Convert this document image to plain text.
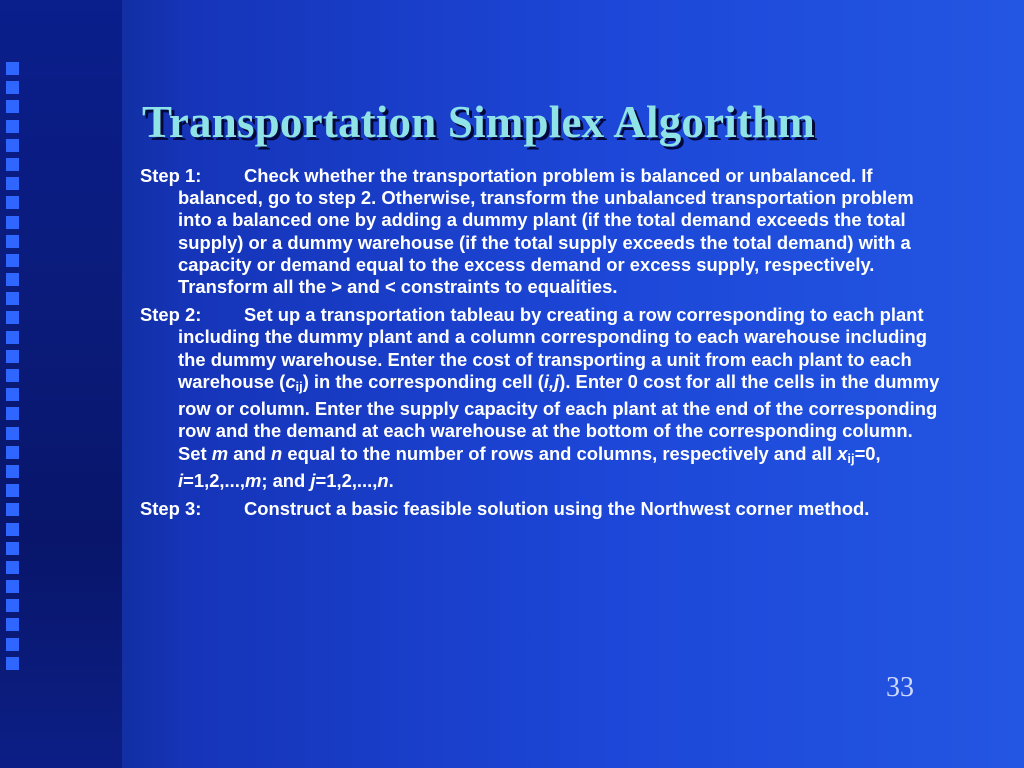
Transportation Simplex Algorithm

Step 1: Check whether the transportation problem is balanced or unbalanced. If balanced, go to step 2. Otherwise, transform the unbalanced transportation problem into a balanced one by adding a dummy plant (if the total demand exceeds the total supply) or a dummy warehouse (if the total supply exceeds the total demand) with a capacity or demand equal to the excess demand or excess supply, respectively. Transform all the > and < constraints to equalities.

Step 2: Set up a transportation tableau by creating a row corresponding to each plant including the dummy plant and a column corresponding to each warehouse including the dummy warehouse. Enter the cost of transporting a unit from each plant to each warehouse $(c_{ij})$ in the corresponding cell (i,j). Enter 0 cost for all the cells in the dummy row or column. Enter the supply capacity of each plant at the end of the corresponding row and the demand at each warehouse at the bottom of the corresponding column. Set m and n equal to the number of rows and columns, respectively and all $x_{ij}=0$, i=1,2,...,m; and j=1,2,...,n.

Step 3: Construct a basic feasible solution using the Northwest corner method.

33
